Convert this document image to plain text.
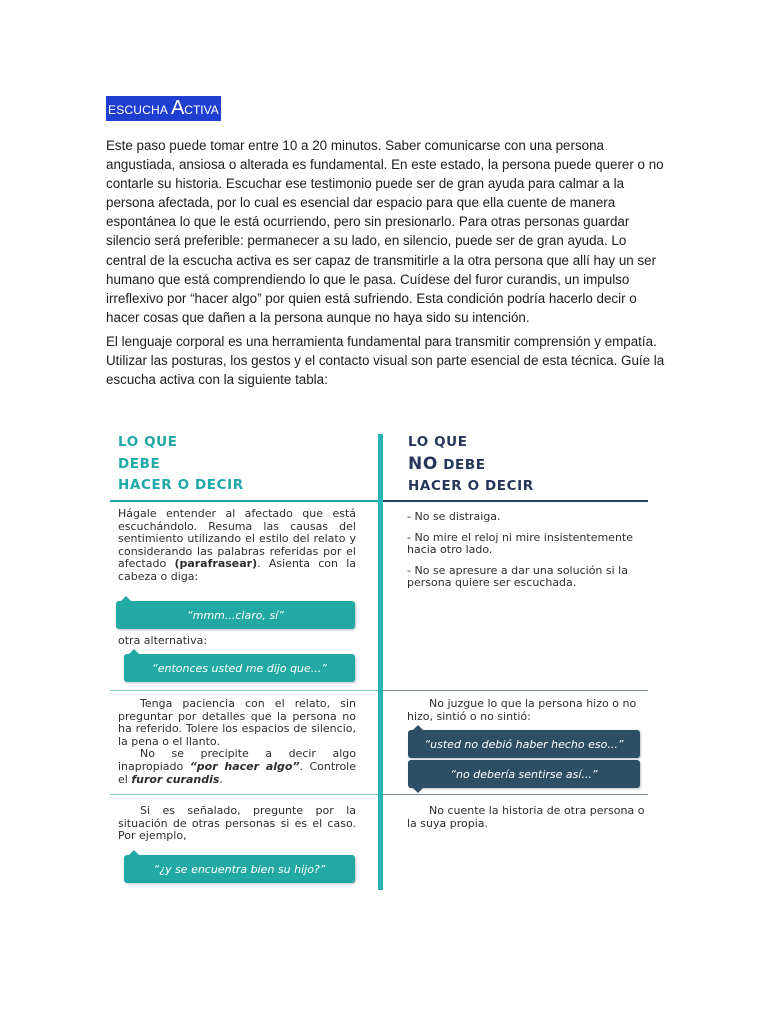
ESCUCHA ACTIVA

Este paso puede tomar entre 10 a 20 minutos. Saber comunicarse con una persona angustiada, ansiosa o alterada es fundamental. En este estado, la persona puede querer o no contarle su historia. Escuchar ese testimonio puede ser de gran ayuda para calmar a la persona afectada, por lo cual es esencial dar espacio para que ella cuente de manera espontánea lo que le está ocurriendo, pero sin presionarlo. Para otras personas guardar silencio será preferible: permanecer a su lado, en silencio, puede ser de gran ayuda. Lo central de la escucha activa es ser capaz de transmitirle a la otra persona que allí hay un ser humano que está comprendiendo lo que le pasa. Cuídese del furor curandis, un impulso irreflexivo por “hacer algo” por quien está sufriendo. Esta condición podría hacerlo decir o hacer cosas que dañen a la persona aunque no haya sido su intención.

El lenguaje corporal es una herramienta fundamental para transmitir comprensión y empatía. Utilizar las posturas, los gestos y el contacto visual son parte esencial de esta técnica. Guíe la escucha activa con la siguiente tabla:

LO QUE
DEBE
HACER O DECIR
LO QUE
NO DEBE
HACER O DECIR

Hágale entender al afectado que está escuchándolo. Resuma las causas del sentimiento utilizando el estilo del relato y considerando las palabras referidas por el afectado (parafrasear). Asienta con la cabeza o diga:

“mmm...claro, sí”
otra alternativa:
“entonces usted me dijo que...”

- No se distraiga.

- No mire el reloj ni mire insistentemente hacia otro lado.

- No se apresure a dar una solución si la persona quiere ser escuchada.

Tenga paciencia con el relato, sin preguntar por detalles que la persona no ha referido. Tolere los espacios de silencio, la pena o el llanto.

No se precipite a decir algo inapropiado “por hacer algo”. Controle el furor curandis.

No juzgue lo que la persona hizo o no hizo, sintió o no sintió:
“usted no debió haber hecho eso...”
“no debería sentirse así...”
Si es señalado, pregunte por la situación de otras personas si es el caso. Por ejemplo,
“¿y se encuentra bien su hijo?”
No cuente la historia de otra persona o la suya propia.
